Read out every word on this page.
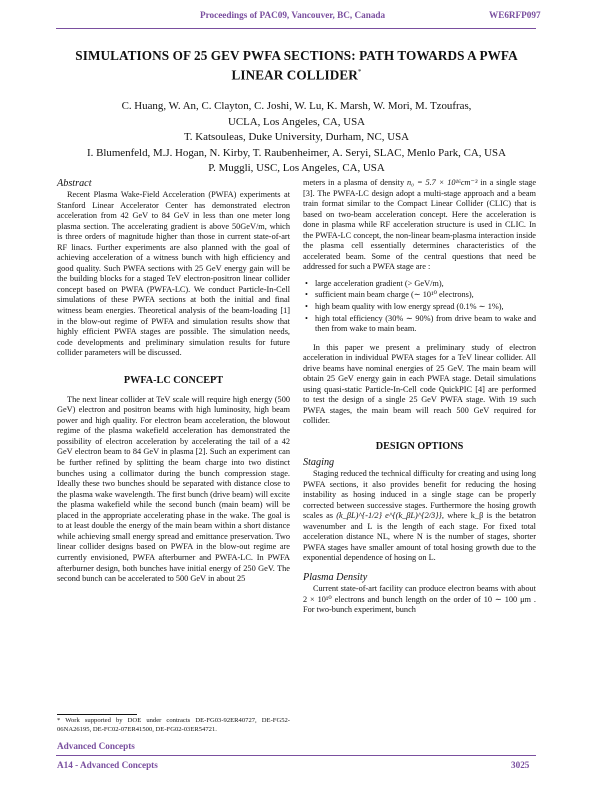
Proceedings of PAC09, Vancouver, BC, Canada	WE6RFP097
SIMULATIONS OF 25 GEV PWFA SECTIONS: PATH TOWARDS A PWFA
LINEAR COLLIDER*
C. Huang, W. An, C. Clayton, C. Joshi, W. Lu, K. Marsh, W. Mori, M. Tzoufras,
UCLA, Los Angeles, CA, USA
T. Katsouleas, Duke University, Durham, NC, USA
I. Blumenfeld, M.J. Hogan, N. Kirby, T. Raubenheimer, A. Seryi, SLAC, Menlo Park, CA, USA
P. Muggli, USC, Los Angeles, CA, USA

Abstract

Recent Plasma Wake-Field Acceleration (PWFA) experiments at Stanford Linear Accelerator Center has demonstrated electron acceleration from 42 GeV to 84 GeV in less than one meter long plasma section. The accelerating gradient is above 50GeV/m, which is three orders of magnitude higher than those in current state-of-art RF linacs. Further experiments are also planned with the goal of achieving acceleration of a witness bunch with high efficiency and good quality. Such PWFA sections with 25 GeV energy gain will be the building blocks for a staged TeV electron-positron linear collider concept based on PWFA (PWFA-LC). We conduct Particle-In-Cell simulations of these PWFA sections at both the initial and final witness beam energies. Theoretical analysis of the beam-loading [1] in the blow-out regime of PWFA and simulation results show that highly efficient PWFA stages are possible. The simulation needs, code developments and preliminary simulation results for future collider parameters will be discussed.

PWFA-LC CONCEPT

The next linear collider at TeV scale will require high energy (500 GeV) electron and positron beams with high luminosity, high beam power and high quality. For electron beam acceleration, the blowout regime of the plasma wakefield acceleration has demonstrated the possibility of electron acceleration by accelerating the tail of a 42 GeV electron beam to 84 GeV in plasma [2]. Such an experiment can be further refined by splitting the beam charge into two distinct bunches using a collimator during the bunch compression stage. Ideally these two bunches should be separated with distance close to the plasma wake wavelength. The first bunch (drive beam) will excite the plasma wakefield while the second bunch (main beam) will be placed in the appropriate accelerating phase in the wake. The goal is to at least double the energy of the main beam within a short distance while achieving small energy spread and emittance preservation. Two linear collider designs based on PWFA in the blow-out regime are currently envisioned, PWFA afterburner and PWFA-LC. In PWFA afterburner design, both bunches have initial energy of 250 GeV. The second bunch can be accelerated to 500 GeV in about 25

meters in a plasma of density n₀ = 5.7 × 10¹⁶cm⁻³ in a single stage [3]. The PWFA-LC design adopt a multi-stage approach and a beam train format similar to the Compact Linear Collider (CLIC) that is based on two-beam acceleration concept. Here the acceleration is done in plasma while RF acceleration structure is used in CLIC. In the PWFA-LC concept, the non-linear beam-plasma interaction inside the plasma cell essentially determines characteristics of the accelerated beam. Some of the central questions that need be addressed for such a PWFA stage are :

• large acceleration gradient (> GeV/m),
• sufficient main beam charge (∼ 10¹⁰ electrons),
• high beam quality with low energy spread (0.1% ∼ 1%),
• high total efficiency (30% ∼ 90%) from drive beam to wake and then from wake to main beam.

In this paper we present a preliminary study of electron acceleration in individual PWFA stages for a TeV linear collider. All drive beams have nominal energies of 25 GeV. The main beam will obtain 25 GeV energy gain in each PWFA stage. Detail simulations using quasi-static Particle-In-Cell code QuickPIC [4] are performed to test the design of a single 25 GeV PWFA stage. With 19 such PWFA stages, the main beam will reach 500 GeV required for collider.

DESIGN OPTIONS

Staging

Staging reduced the technical difficulty for creating and using long PWFA sections, it also provides benefit for reducing the hosing instability as hosing induced in a single stage can be properly corrected between successive stages. Furthermore the hosing growth scales as (k_βL)^{-1/2} e^{(k_βL)^{2/3}}, where k_β is the betatron wavenumber and L is the length of each stage. For fixed total acceleration distance NL, where N is the number of stages, shorter PWFA stages have smaller amount of total hosing growth due to the exponential dependence of hosing on L.

Plasma Density

Current state-of-art facility can produce electron beams with about 2 × 10¹⁰ electrons and bunch length on the order of 10 ∼ 100 μm . For two-bunch experiment, bunch

* Work supported by DOE under contracts DE-FG03-92ER40727, DE-FG52-06NA26195, DE-FC02-07ER41500, DE-FG02-03ER54721.
Advanced Concepts
A14 - Advanced Concepts	3025
